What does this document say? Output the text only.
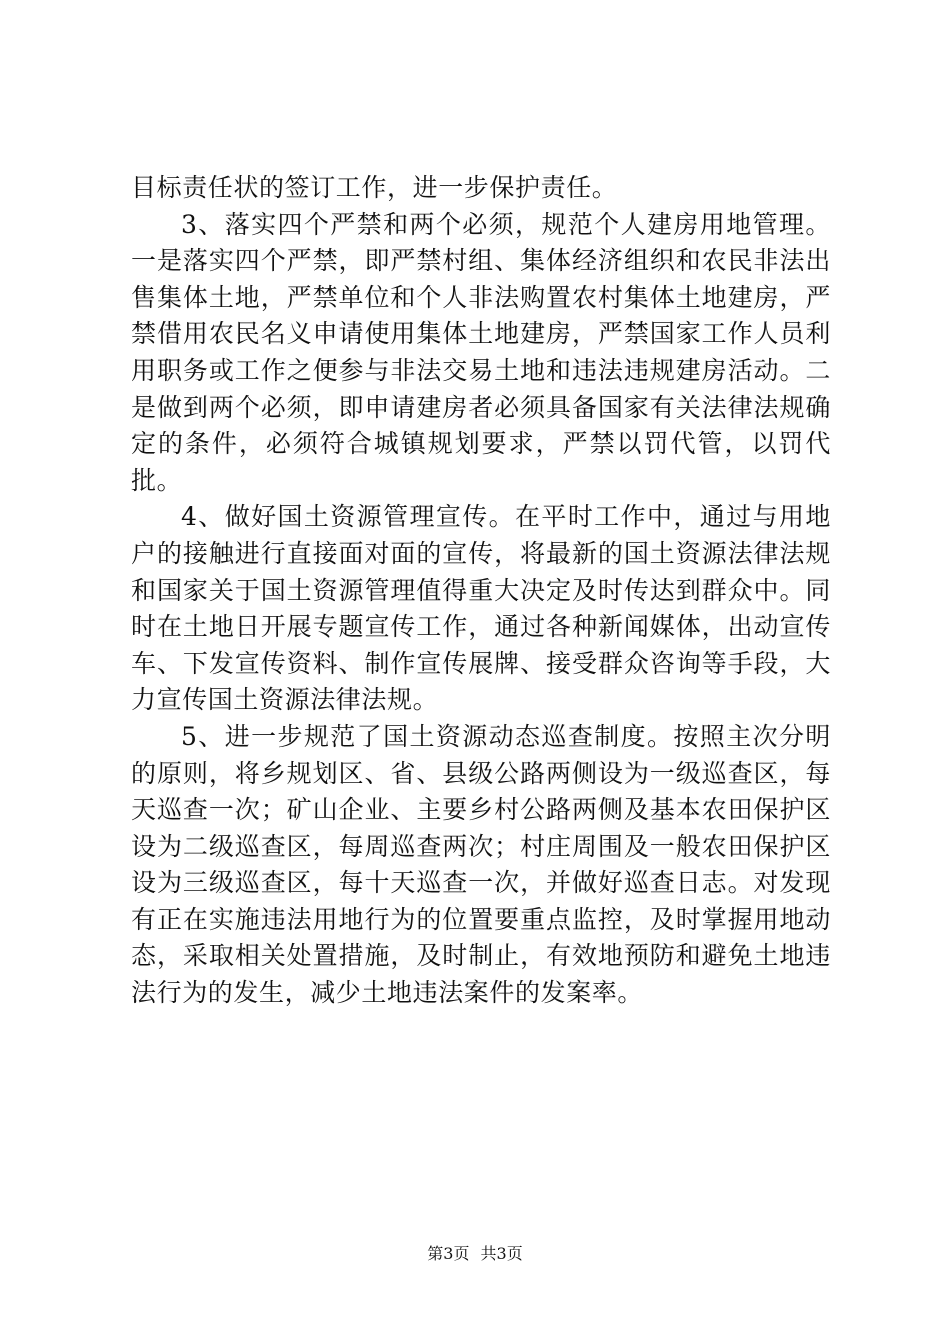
目标责任状的签订工作，进一步保护责任。

3、落实四个严禁和两个必须，规范个人建房用地管理。一是落实四个严禁，即严禁村组、集体经济组织和农民非法出售集体土地，严禁单位和个人非法购置农村集体土地建房，严禁借用农民名义申请使用集体土地建房，严禁国家工作人员利用职务或工作之便参与非法交易土地和违法违规建房活动。二是做到两个必须，即申请建房者必须具备国家有关法律法规确定的条件，必须符合城镇规划要求，严禁以罚代管，以罚代批。

4、做好国土资源管理宣传。在平时工作中，通过与用地户的接触进行直接面对面的宣传，将最新的国土资源法律法规和国家关于国土资源管理值得重大决定及时传达到群众中。同时在土地日开展专题宣传工作，通过各种新闻媒体，出动宣传车、下发宣传资料、制作宣传展牌、接受群众咨询等手段，大力宣传国土资源法律法规。

5、进一步规范了国土资源动态巡查制度。按照主次分明的原则，将乡规划区、省、县级公路两侧设为一级巡查区，每天巡查一次；矿山企业、主要乡村公路两侧及基本农田保护区设为二级巡查区，每周巡查两次；村庄周围及一般农田保护区设为三级巡查区，每十天巡查一次，并做好巡查日志。对发现有正在实施违法用地行为的位置要重点监控，及时掌握用地动态，采取相关处置措施，及时制止，有效地预防和避免土地违法行为的发生，减少土地违法案件的发案率。

第3页 共3页
